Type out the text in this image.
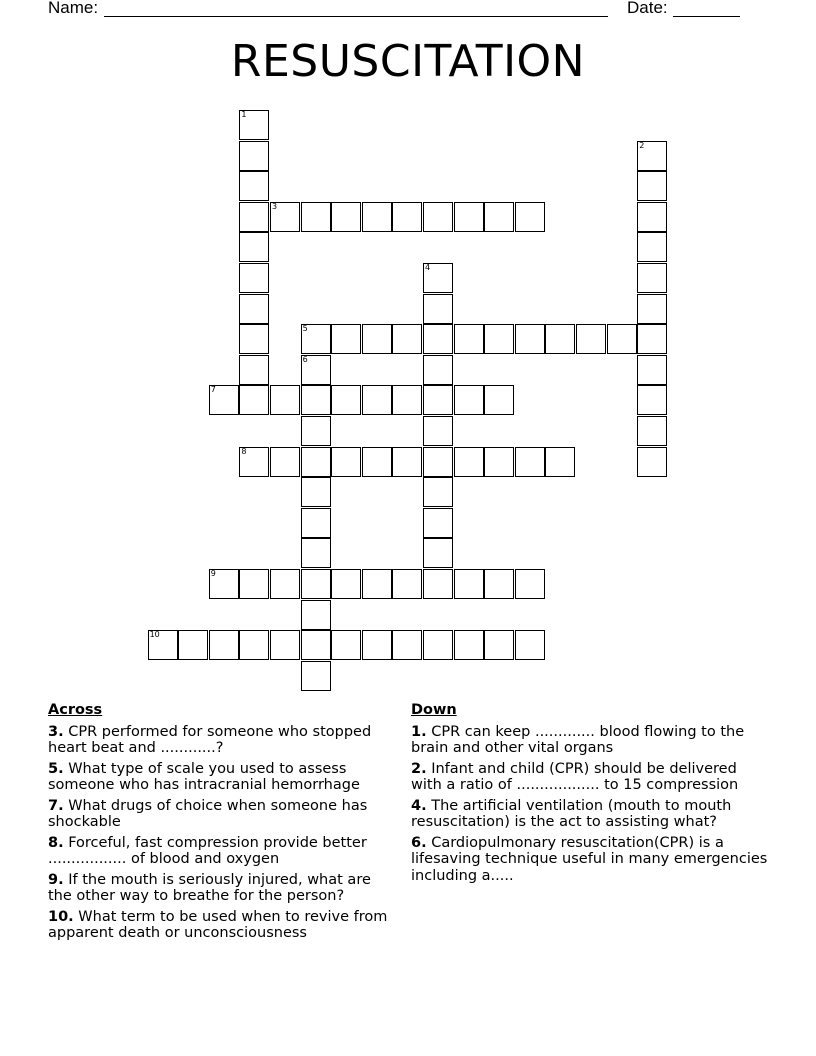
Name:	Date:
RESUSCITATION
3
5
7
8
9
10
1
2
4
6
Across
3. CPR performed for someone who stopped heart beat and ............?
5. What type of scale you used to assess someone who has intracranial hemorrhage
7. What drugs of choice when someone has shockable
8. Forceful, fast compression provide better ................. of blood and oxygen
9. If the mouth is seriously injured, what are the other way to breathe for the person?
10. What term to be used when to revive from apparent death or unconsciousness
Down
1. CPR can keep ............. blood flowing to the brain and other vital organs
2. Infant and child (CPR) should be delivered with a ratio of .................. to 15 compression
4. The artificial ventilation (mouth to mouth resuscitation) is the act to assisting what?
6. Cardiopulmonary resuscitation(CPR) is a lifesaving technique useful in many emergencies including a.....
